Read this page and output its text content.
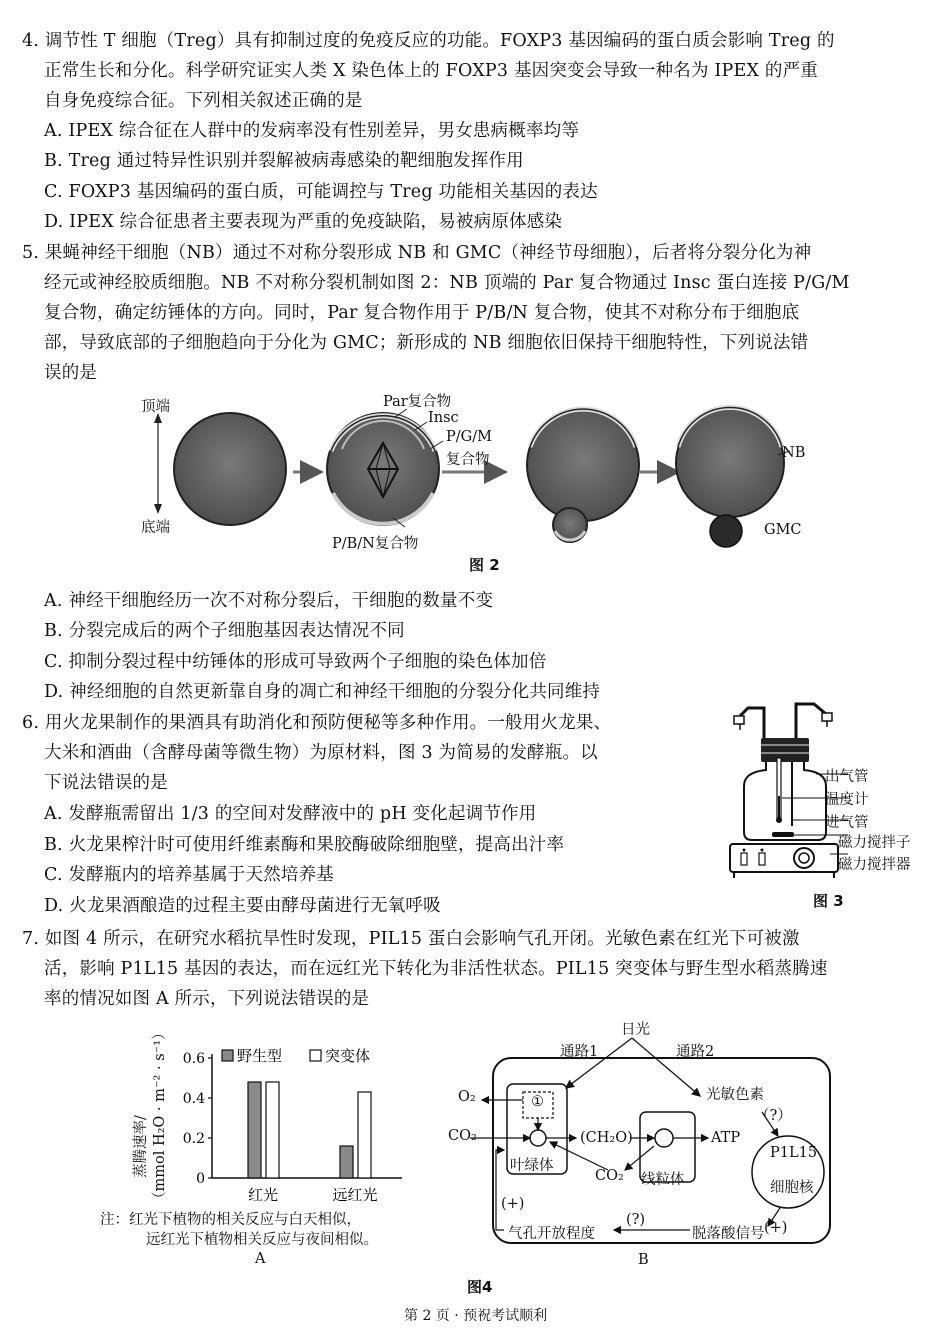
4. 调节性 T 细胞（Treg）具有抑制过度的免疫反应的功能。FOXP3 基因编码的蛋白质会影响 Treg 的
正常生长和分化。科学研究证实人类 X 染色体上的 FOXP3 基因突变会导致一种名为 IPEX 的严重
自身免疫综合征。下列相关叙述正确的是
A. IPEX 综合征在人群中的发病率没有性别差异，男女患病概率均等
B. Treg 通过特异性识别并裂解被病毒感染的靶细胞发挥作用
C. FOXP3 基因编码的蛋白质，可能调控与 Treg 功能相关基因的表达
D. IPEX 综合征患者主要表现为严重的免疫缺陷，易被病原体感染
5. 果蝇神经干细胞（NB）通过不对称分裂形成 NB 和 GMC（神经节母细胞），后者将分裂分化为神
经元或神经胶质细胞。NB 不对称分裂机制如图 2：NB 顶端的 Par 复合物通过 Insc 蛋白连接 P/G/M
复合物，确定纺锤体的方向。同时，Par 复合物作用于 P/B/N 复合物，使其不对称分布于细胞底
部，导致底部的子细胞趋向于分化为 GMC；新形成的 NB 细胞依旧保持干细胞特性，下列说法错
误的是
顶端
底端
Par复合物
Insc
P/G/M
复合物
P/B/N复合物
NB
GMC
图 2
A. 神经干细胞经历一次不对称分裂后，干细胞的数量不变
B. 分裂完成后的两个子细胞基因表达情况不同
C. 抑制分裂过程中纺锤体的形成可导致两个子细胞的染色体加倍
D. 神经细胞的自然更新靠自身的凋亡和神经干细胞的分裂分化共同维持
6. 用火龙果制作的果酒具有助消化和预防便秘等多种作用。一般用火龙果、
大米和酒曲（含酵母菌等微生物）为原材料，图 3 为简易的发酵瓶。以
下说法错误的是
A. 发酵瓶需留出 1/3 的空间对发酵液中的 pH 变化起调节作用
B. 火龙果榨汁时可使用纤维素酶和果胶酶破除细胞壁，提高出汁率
C. 发酵瓶内的培养基属于天然培养基
D. 火龙果酒酿造的过程主要由酵母菌进行无氧呼吸
出气管
温度计
进气管
磁力搅拌子
磁力搅拌器
图 3
7. 如图 4 所示，在研究水稻抗旱性时发现，PIL15 蛋白会影响气孔开闭。光敏色素在红光下可被激
活，影响 P1L15 基因的表达，而在远红光下转化为非活性状态。PIL15 突变体与野生型水稻蒸腾速
率的情况如图 A 所示，下列说法错误的是
0
0.2
0.4
0.6
红光	远红光
野生型	突变体
蒸腾速率/ （mmol H₂O · m⁻² · s⁻¹）
注：红光下植物的相关反应与白天相似，
远红光下植物相关反应与夜间相似。
A
日光
通路1	通路2
O₂
CO₂
①
(CH₂O)	ATP
CO₂
叶绿体
线粒体
光敏色素
（?）
P1L15
细胞核
(+)
(+)
(?)
气孔开放程度	脱落酸信号
B
图4
第 2 页 · 预祝考试顺利
